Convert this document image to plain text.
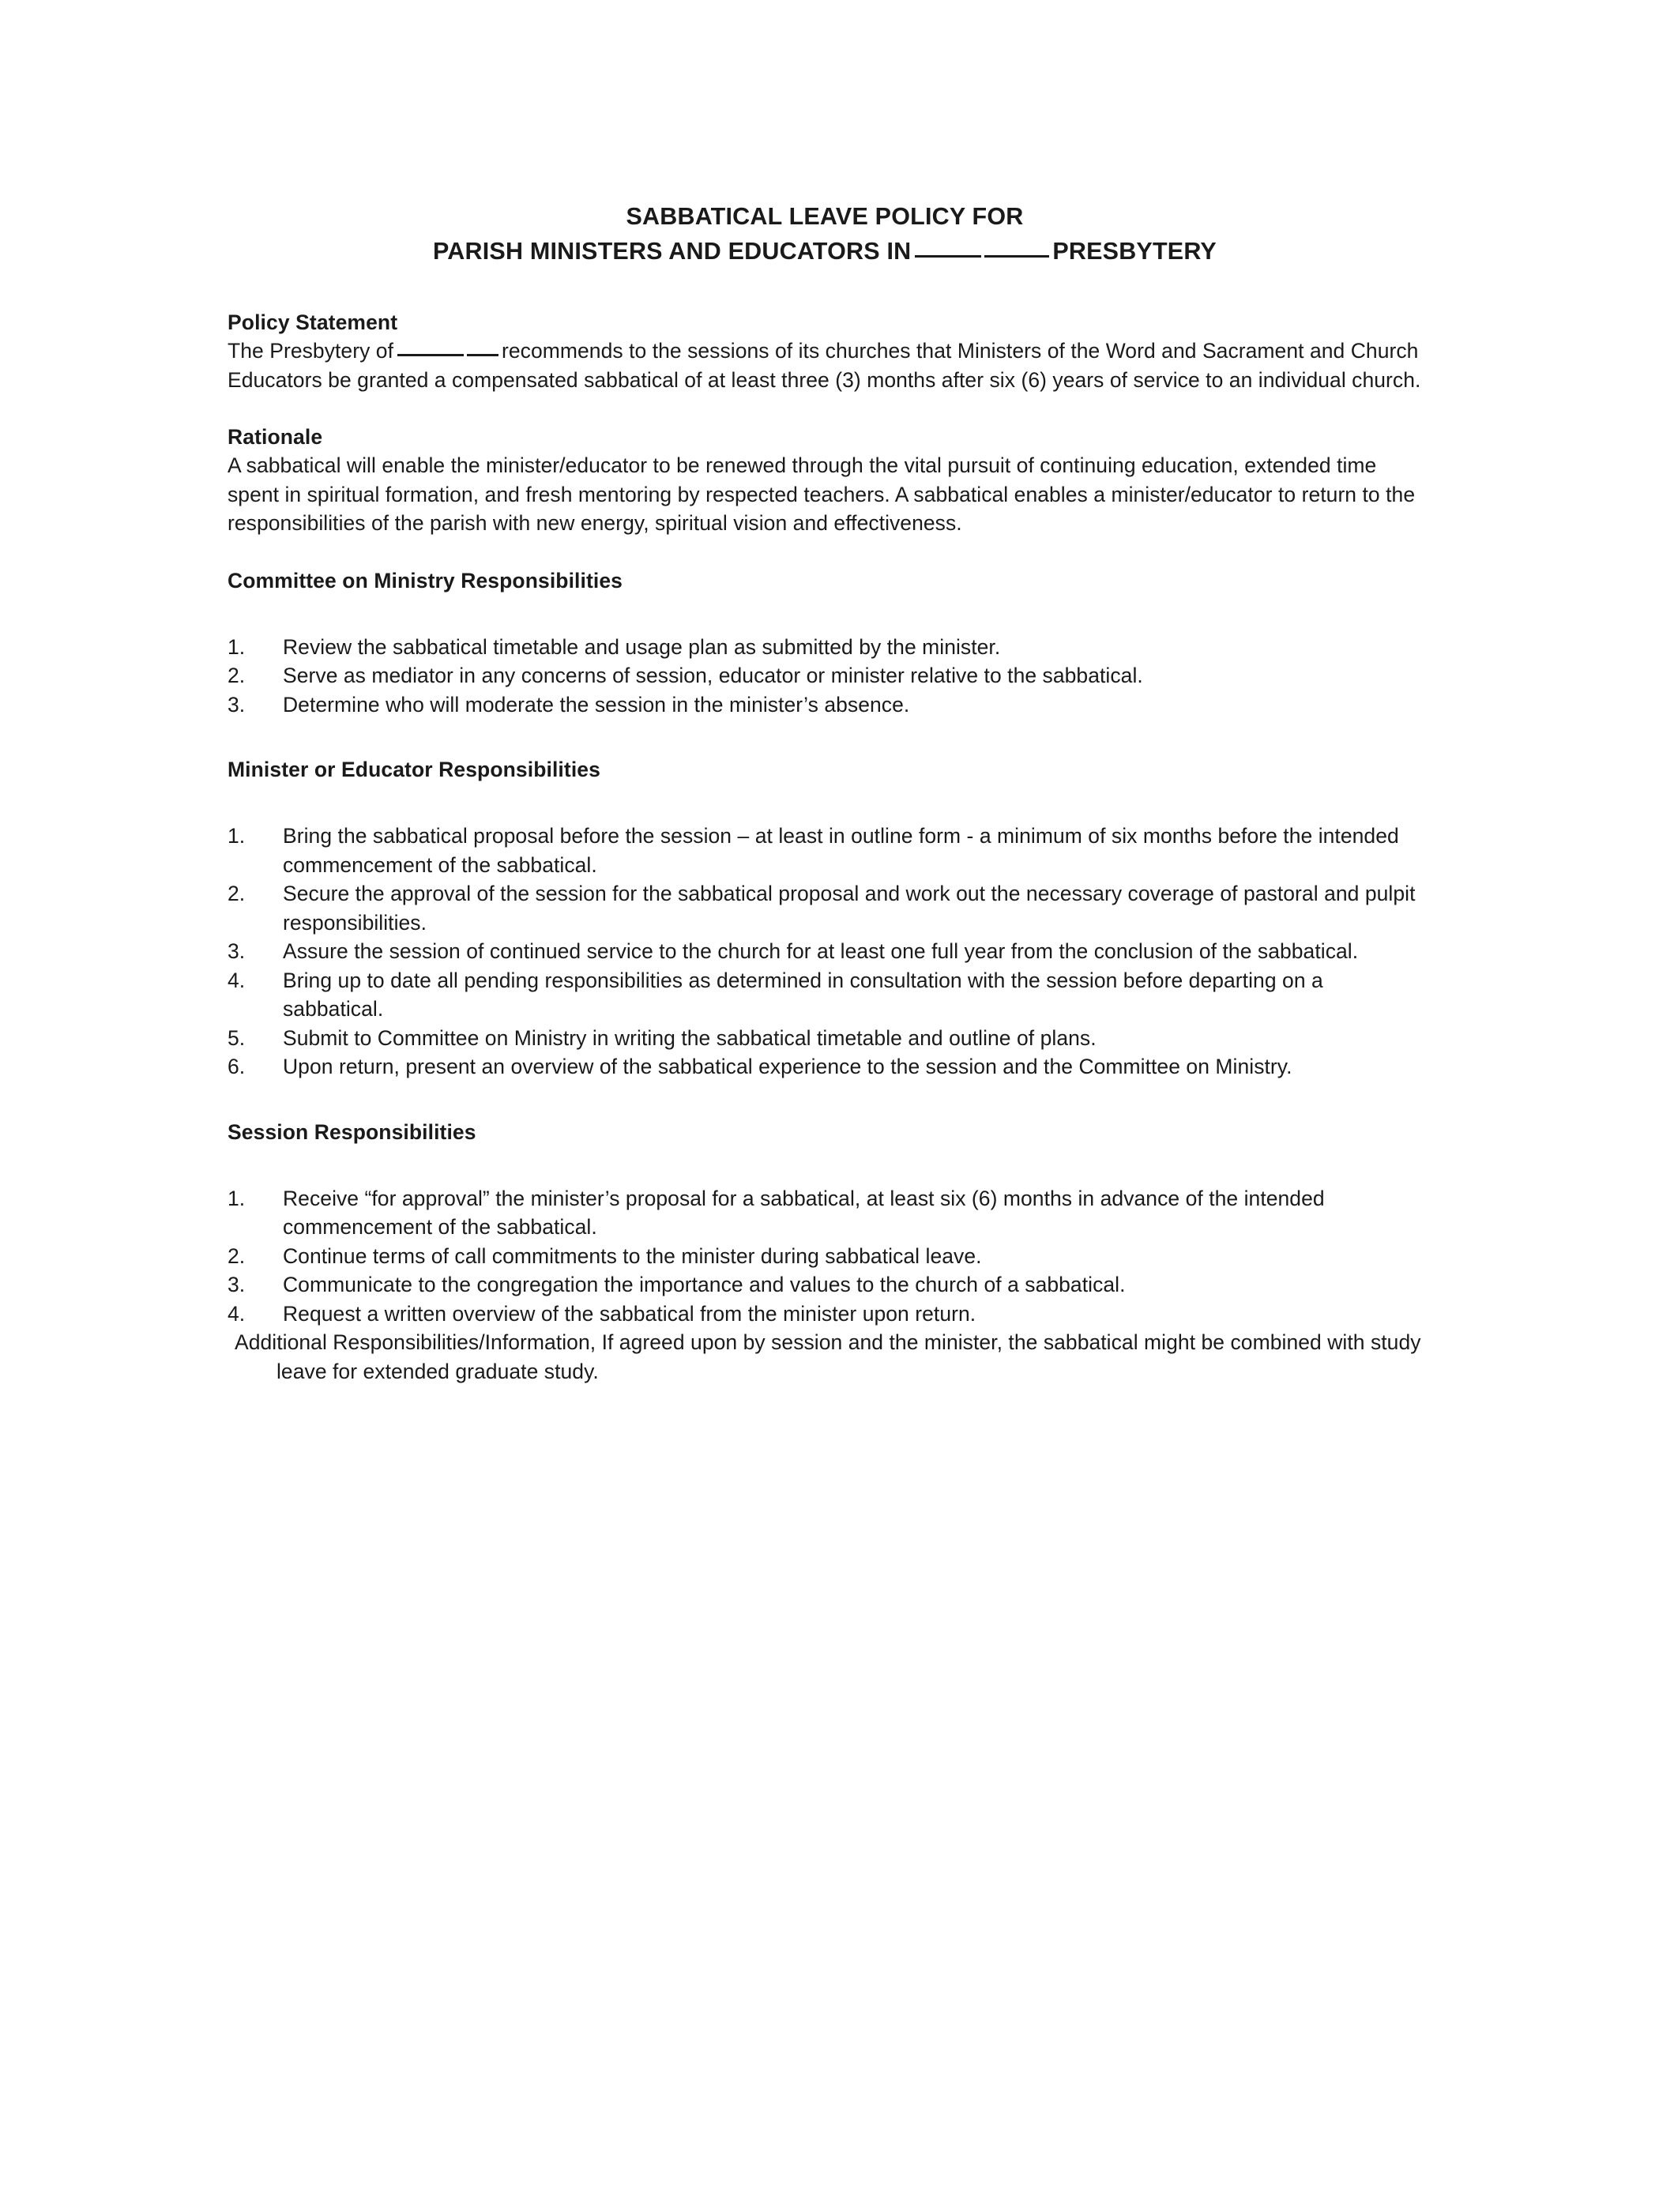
SABBATICAL LEAVE POLICY FOR
PARISH MINISTERS AND EDUCATORS IN	PRESBYTERY

Policy Statement

The Presbytery of	recommends to the sessions of its churches that Ministers of the Word and Sacrament and Church Educators be granted a compensated sabbatical of at least three (3) months after six (6) years of service to an individual church.

Rationale

A sabbatical will enable the minister/educator to be renewed through the vital pursuit of continuing education, extended time spent in spiritual formation, and fresh mentoring by respected teachers. A sabbatical enables a minister/educator to return to the responsibilities of the parish with new energy, spiritual vision and effectiveness.

Committee on Ministry Responsibilities

1.	Review the sabbatical timetable and usage plan as submitted by the minister.
2.	Serve as mediator in any concerns of session, educator or minister relative to the sabbatical.
3.	Determine who will moderate the session in the minister’s absence.

Minister or Educator Responsibilities

1.	Bring the sabbatical proposal before the session – at least in outline form - a minimum of six months before the intended commencement of the sabbatical.
2.	Secure the approval of the session for the sabbatical proposal and work out the necessary coverage of pastoral and pulpit responsibilities.
3.	Assure the session of continued service to the church for at least one full year from the conclusion of the sabbatical.
4.	Bring up to date all pending responsibilities as determined in consultation with the session before departing on a sabbatical.
5.	Submit to Committee on Ministry in writing the sabbatical timetable and outline of plans.
6.	Upon return, present an overview of the sabbatical experience to the session and the Committee on Ministry.

Session Responsibilities

1.	Receive “for approval” the minister’s proposal for a sabbatical, at least six (6) months in advance of the intended commencement of the sabbatical.
2.	Continue terms of call commitments to the minister during sabbatical leave.
3.	Communicate to the congregation the importance and values to the church of a sabbatical.
4.	Request a written overview of the sabbatical from the minister upon return.

Additional Responsibilities/Information, If agreed upon by session and the minister, the sabbatical might be combined with study leave for extended graduate study.
